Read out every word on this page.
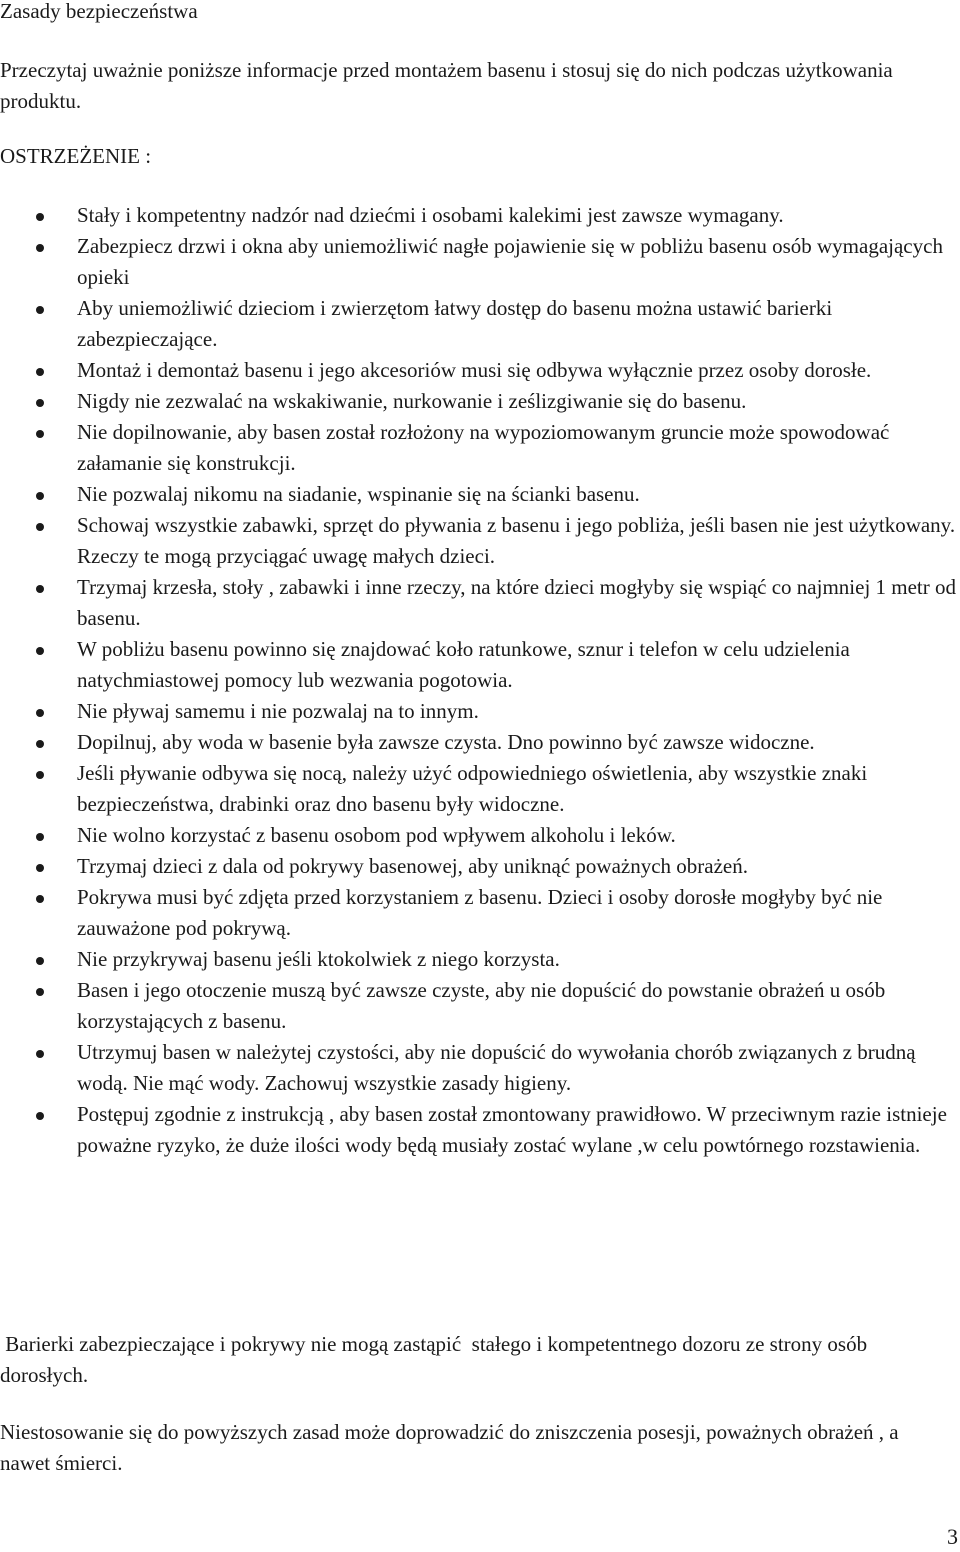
Zasady bezpieczeństwa
Przeczytaj uważnie poniższe informacje przed montażem basenu i stosuj się do nich podczas użytkowania produktu.
OSTRZEŻENIE :
Stały i kompetentny nadzór nad dziećmi i osobami kalekimi jest zawsze wymagany.
Zabezpiecz drzwi i okna aby uniemożliwić nagłe pojawienie się w pobliżu basenu osób wymagających opieki
Aby uniemożliwić dzieciom i zwierzętom łatwy dostęp do basenu można ustawić barierki zabezpieczające.
Montaż i demontaż basenu i jego akcesoriów musi się odbywa wyłącznie przez osoby dorosłe.
Nigdy nie zezwalać na wskakiwanie, nurkowanie i ześlizgiwanie się do basenu.
Nie dopilnowanie, aby basen został rozłożony na wypoziomowanym gruncie może spowodować załamanie się konstrukcji.
Nie pozwalaj nikomu na siadanie, wspinanie się na ścianki basenu.
Schowaj wszystkie zabawki, sprzęt do pływania z basenu i jego pobliża, jeśli basen nie jest użytkowany. Rzeczy te mogą przyciągać uwagę małych dzieci.
Trzymaj krzesła, stoły , zabawki i inne rzeczy, na które dzieci mogłyby się wspiąć co najmniej 1 metr od basenu.
W pobliżu basenu powinno się znajdować koło ratunkowe, sznur i telefon w celu udzielenia natychmiastowej pomocy lub wezwania pogotowia.
Nie pływaj samemu i nie pozwalaj na to innym.
Dopilnuj, aby woda w basenie była zawsze czysta. Dno powinno być zawsze widoczne.
Jeśli pływanie odbywa się nocą, należy użyć odpowiedniego oświetlenia, aby wszystkie znaki bezpieczeństwa, drabinki oraz dno basenu były widoczne.
Nie wolno korzystać z basenu osobom pod wpływem alkoholu i leków.
Trzymaj dzieci z dala od pokrywy basenowej, aby uniknąć poważnych obrażeń.
Pokrywa musi być zdjęta przed korzystaniem z basenu. Dzieci i osoby dorosłe mogłyby być nie zauważone pod pokrywą.
Nie przykrywaj basenu jeśli ktokolwiek z niego korzysta.
Basen i jego otoczenie muszą być zawsze czyste, aby nie dopuścić do powstanie obrażeń u osób korzystających z basenu.
Utrzymuj basen w należytej czystości, aby nie dopuścić do wywołania chorób związanych z brudną wodą. Nie mąć wody. Zachowuj wszystkie zasady higieny.
Postępuj zgodnie z instrukcją , aby basen został zmontowany prawidłowo. W przeciwnym razie istnieje poważne ryzyko, że duże ilości wody będą musiały zostać wylane ,w celu powtórnego rozstawienia.
Barierki zabezpieczające i pokrywy nie mogą zastąpić  stałego i kompetentnego dozoru ze strony osób dorosłych.
Niestosowanie się do powyższych zasad może doprowadzić do zniszczenia posesji, poważnych obrażeń , a nawet śmierci.
3
